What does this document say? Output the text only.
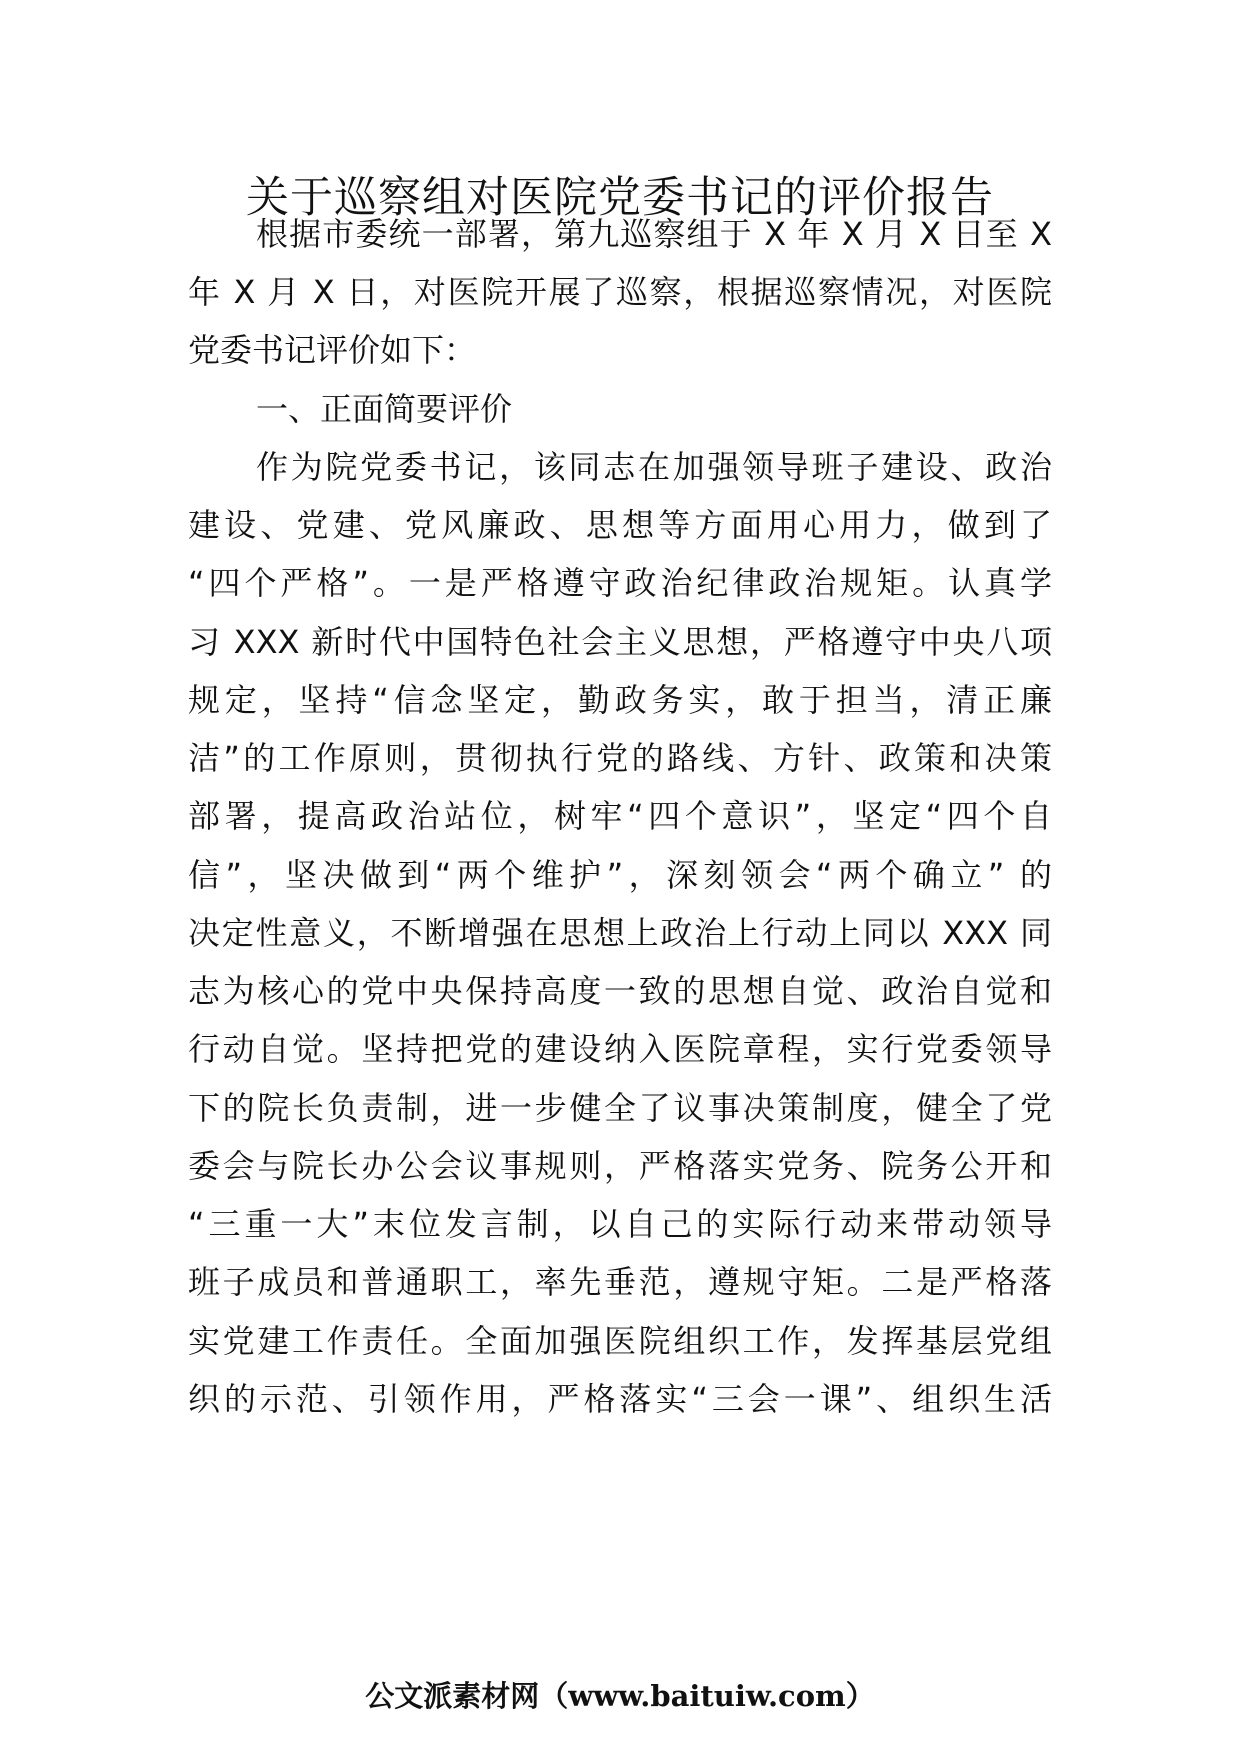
关于巡察组对医院党委书记的评价报告
根据市委统一部署，第九巡察组于 X 年 X 月 X 日至 X
年 X 月 X 日，对医院开展了巡察，根据巡察情况，对医院
党委书记评价如下：
一、正面简要评价
作为院党委书记，该同志在加强领导班子建设、政治
建设、党建、党风廉政、思想等方面用心用力，做到了
“四个严格”。一是严格遵守政治纪律政治规矩。认真学
习 XXX 新时代中国特色社会主义思想，严格遵守中央八项
规定，坚持“信念坚定，勤政务实，敢于担当，清正廉
洁”的工作原则，贯彻执行党的路线、方针、政策和决策
部署，提高政治站位，树牢“四个意识”，坚定“四个自
信”，坚决做到“两个维护”，深刻领会“两个确立” 的
决定性意义，不断增强在思想上政治上行动上同以 XXX 同
志为核心的党中央保持高度一致的思想自觉、政治自觉和
行动自觉。坚持把党的建设纳入医院章程，实行党委领导
下的院长负责制，进一步健全了议事决策制度，健全了党
委会与院长办公会议事规则，严格落实党务、院务公开和
“三重一大”末位发言制，以自己的实际行动来带动领导
班子成员和普通职工，率先垂范，遵规守矩。二是严格落
实党建工作责任。全面加强医院组织工作，发挥基层党组
织的示范、引领作用，严格落实“三会一课”、组织生活
公文派素材网（www.baituiw.com）
